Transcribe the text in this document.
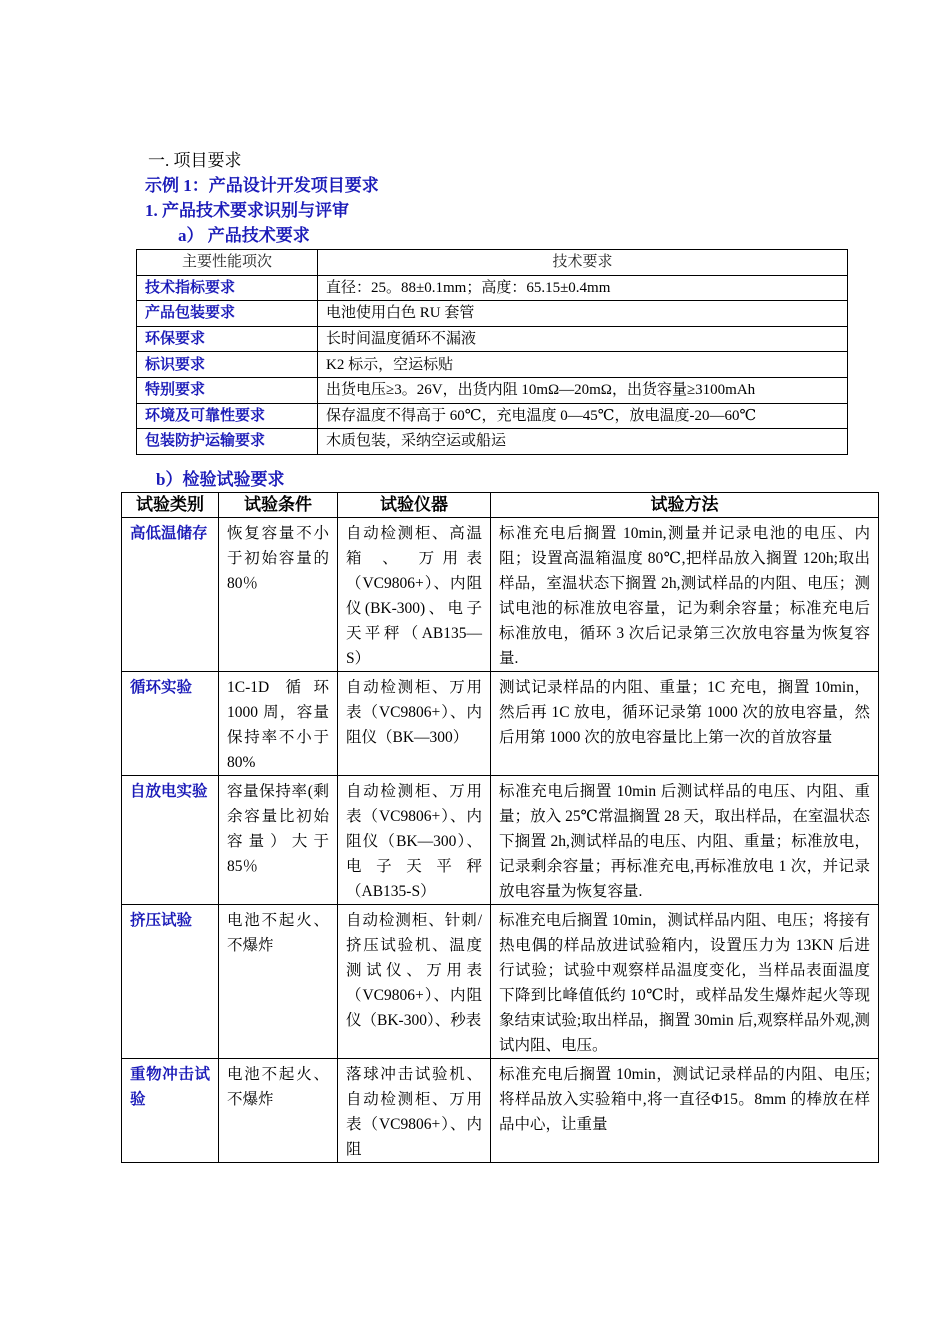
一. 项目要求
示例 1：产品设计开发项目要求
1. 产品技术要求识别与评审
a） 产品技术要求
主要性能项次	技术要求
技术指标要求	直径：25。88±0.1mm；高度：65.15±0.4mm
产品包装要求	电池使用白色 RU 套管
环保要求	长时间温度循环不漏液
标识要求	K2 标示，空运标贴
特别要求	出货电压≥3。26V，出货内阻 10mΩ—20mΩ，出货容量≥3100mAh
环境及可靠性要求	保存温度不得高于 60℃，充电温度 0—45℃，放电温度-20—60℃
包装防护运输要求	木质包装，采纳空运或船运
b）检验试验要求
试验类别	试验条件	试验仪器	试验方法
高低温储存	恢复容量不小于初始容量的 80％	自动检测柜、高温箱 、 万用表（VC9806+）、内阻仪(BK-300)、电子天平秤（AB135—S）	标准充电后搁置 10min,测量并记录电池的电压、内阻；设置高温箱温度 80℃,把样品放入搁置 120h;取出样品，室温状态下搁置 2h,测试样品的内阻、电压；测试电池的标准放电容量，记为剩余容量；标准充电后标准放电，循环 3 次后记录第三次放电容量为恢复容量.
循环实验	1C-1D 循环 1000 周，容量保持率不小于 80%	自动检测柜、万用表（VC9806+）、内阻仪（BK—300）	测试记录样品的内阻、重量；1C 充电，搁置 10min，然后再 1C 放电，循环记录第 1000 次的放电容量，然后用第 1000 次的放电容量比上第一次的首放容量
自放电实验	容量保持率(剩余容量比初始容量）大于 85％	自动检测柜、万用表（VC9806+）、内阻仪（BK—300）、电子天平秤（AB135-S）	标准充电后搁置 10min 后测试样品的电压、内阻、重量；放入 25℃常温搁置 28 天，取出样品，在室温状态下搁置 2h,测试样品的电压、内阻、重量；标准放电，记录剩余容量；再标准充电,再标准放电 1 次，并记录放电容量为恢复容量.
挤压试验	电池不起火、不爆炸	自动检测柜、针刺/挤压试验机、温度测试仪、万用表（VC9806+）、内阻仪（BK-300）、秒表	标准充电后搁置 10min，测试样品内阻、电压；将接有热电偶的样品放进试验箱内，设置压力为 13KN 后进行试验；试验中观察样品温度变化，当样品表面温度下降到比峰值低约 10℃时，或样品发生爆炸起火等现象结束试验;取出样品，搁置 30min 后,观察样品外观,测试内阻、电压。
重物冲击试验	电池不起火、不爆炸	落球冲击试验机、自动检测柜、万用表（VC9806+）、内阻	标准充电后搁置 10min，测试记录样品的内阻、电压;将样品放入实验箱中,将一直径Φ15。8mm 的棒放在样品中心，让重量
